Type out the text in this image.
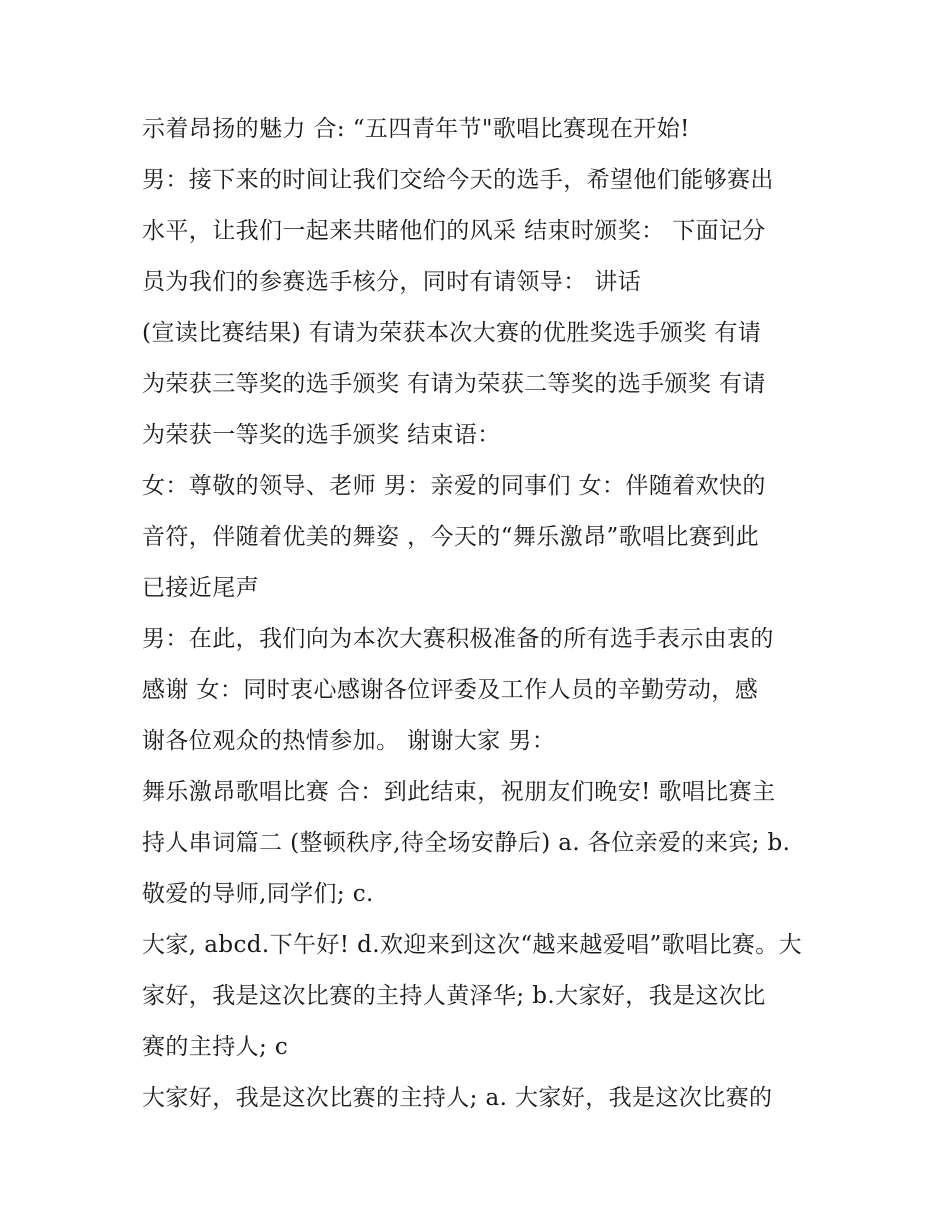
示着昂扬的魅力 合: “五四青年节"歌唱比赛现在开始!
男：接下来的时间让我们交给今天的选手，希望他们能够赛出
水平，让我们一起来共睹他们的风采 结束时颁奖： 下面记分
员为我们的参赛选手核分，同时有请领导： 讲话
(宣读比赛结果) 有请为荣获本次大赛的优胜奖选手颁奖 有请
为荣获三等奖的选手颁奖 有请为荣获二等奖的选手颁奖 有请
为荣获一等奖的选手颁奖 结束语：
女：尊敬的领导、老师 男：亲爱的同事们 女：伴随着欢快的
音符，伴随着优美的舞姿 ，今天的“舞乐激昂”歌唱比赛到此
已接近尾声
男：在此，我们向为本次大赛积极准备的所有选手表示由衷的
感谢 女：同时衷心感谢各位评委及工作人员的辛勤劳动，感
谢各位观众的热情参加。 谢谢大家 男：
舞乐激昂歌唱比赛 合：到此结束，祝朋友们晚安! 歌唱比赛主
持人串词篇二 (整顿秩序,待全场安静后) a. 各位亲爱的来宾; b.
敬爱的导师,同学们; c.
大家, abcd.下午好! d.欢迎来到这次“越来越爱唱”歌唱比赛。大
家好，我是这次比赛的主持人黄泽华; b.大家好，我是这次比
赛的主持人; c
大家好，我是这次比赛的主持人; a. 大家好，我是这次比赛的
